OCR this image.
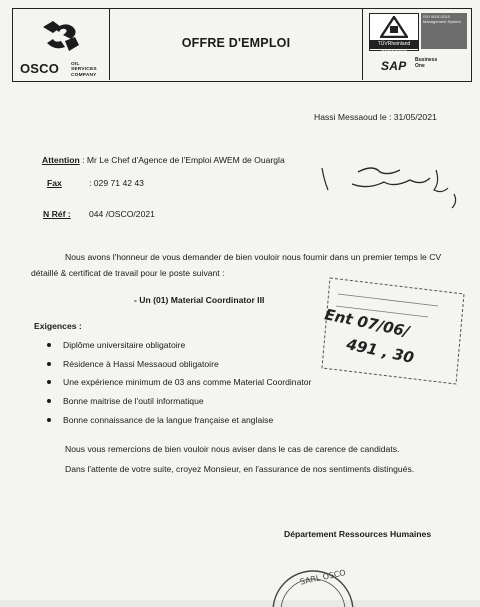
OSCO OIL SERVICES COMPANY
OFFRE D'EMPLOI	TÜVRheinland CERTIFIED
ISO 9001:2015 Management System
SAP Business One
Hassi Messaoud le : 31/05/2021
Attention : Mr Le Chef d'Agence de l'Emploi AWEM de Ouargla
Fax	: 029 71 42 43
N Réf : 044 /OSCO/2021
Nous avons l'honneur de vous demander de bien vouloir nous fournir dans un premier temps le CV
détaillé & certificat de travail pour le poste suivant :
- Un (01) Material Coordinator III
Exigences :
Diplôme universitaire obligatoire
Résidence à Hassi Messaoud obligatoire
Une expérience minimum de 03 ans comme Material Coordinator
Bonne maitrise de l'outil informatique
Bonne connaissance de la langue française et anglaise
Nous vous remercions de bien vouloir nous aviser dans le cas de carence de candidats.
Dans l'attente de votre suite, croyez Monsieur, en l'assurance de nos sentiments distingués.
Département Ressources Humaines
Ent 07/06/
491 , 30
SARL OSCO
